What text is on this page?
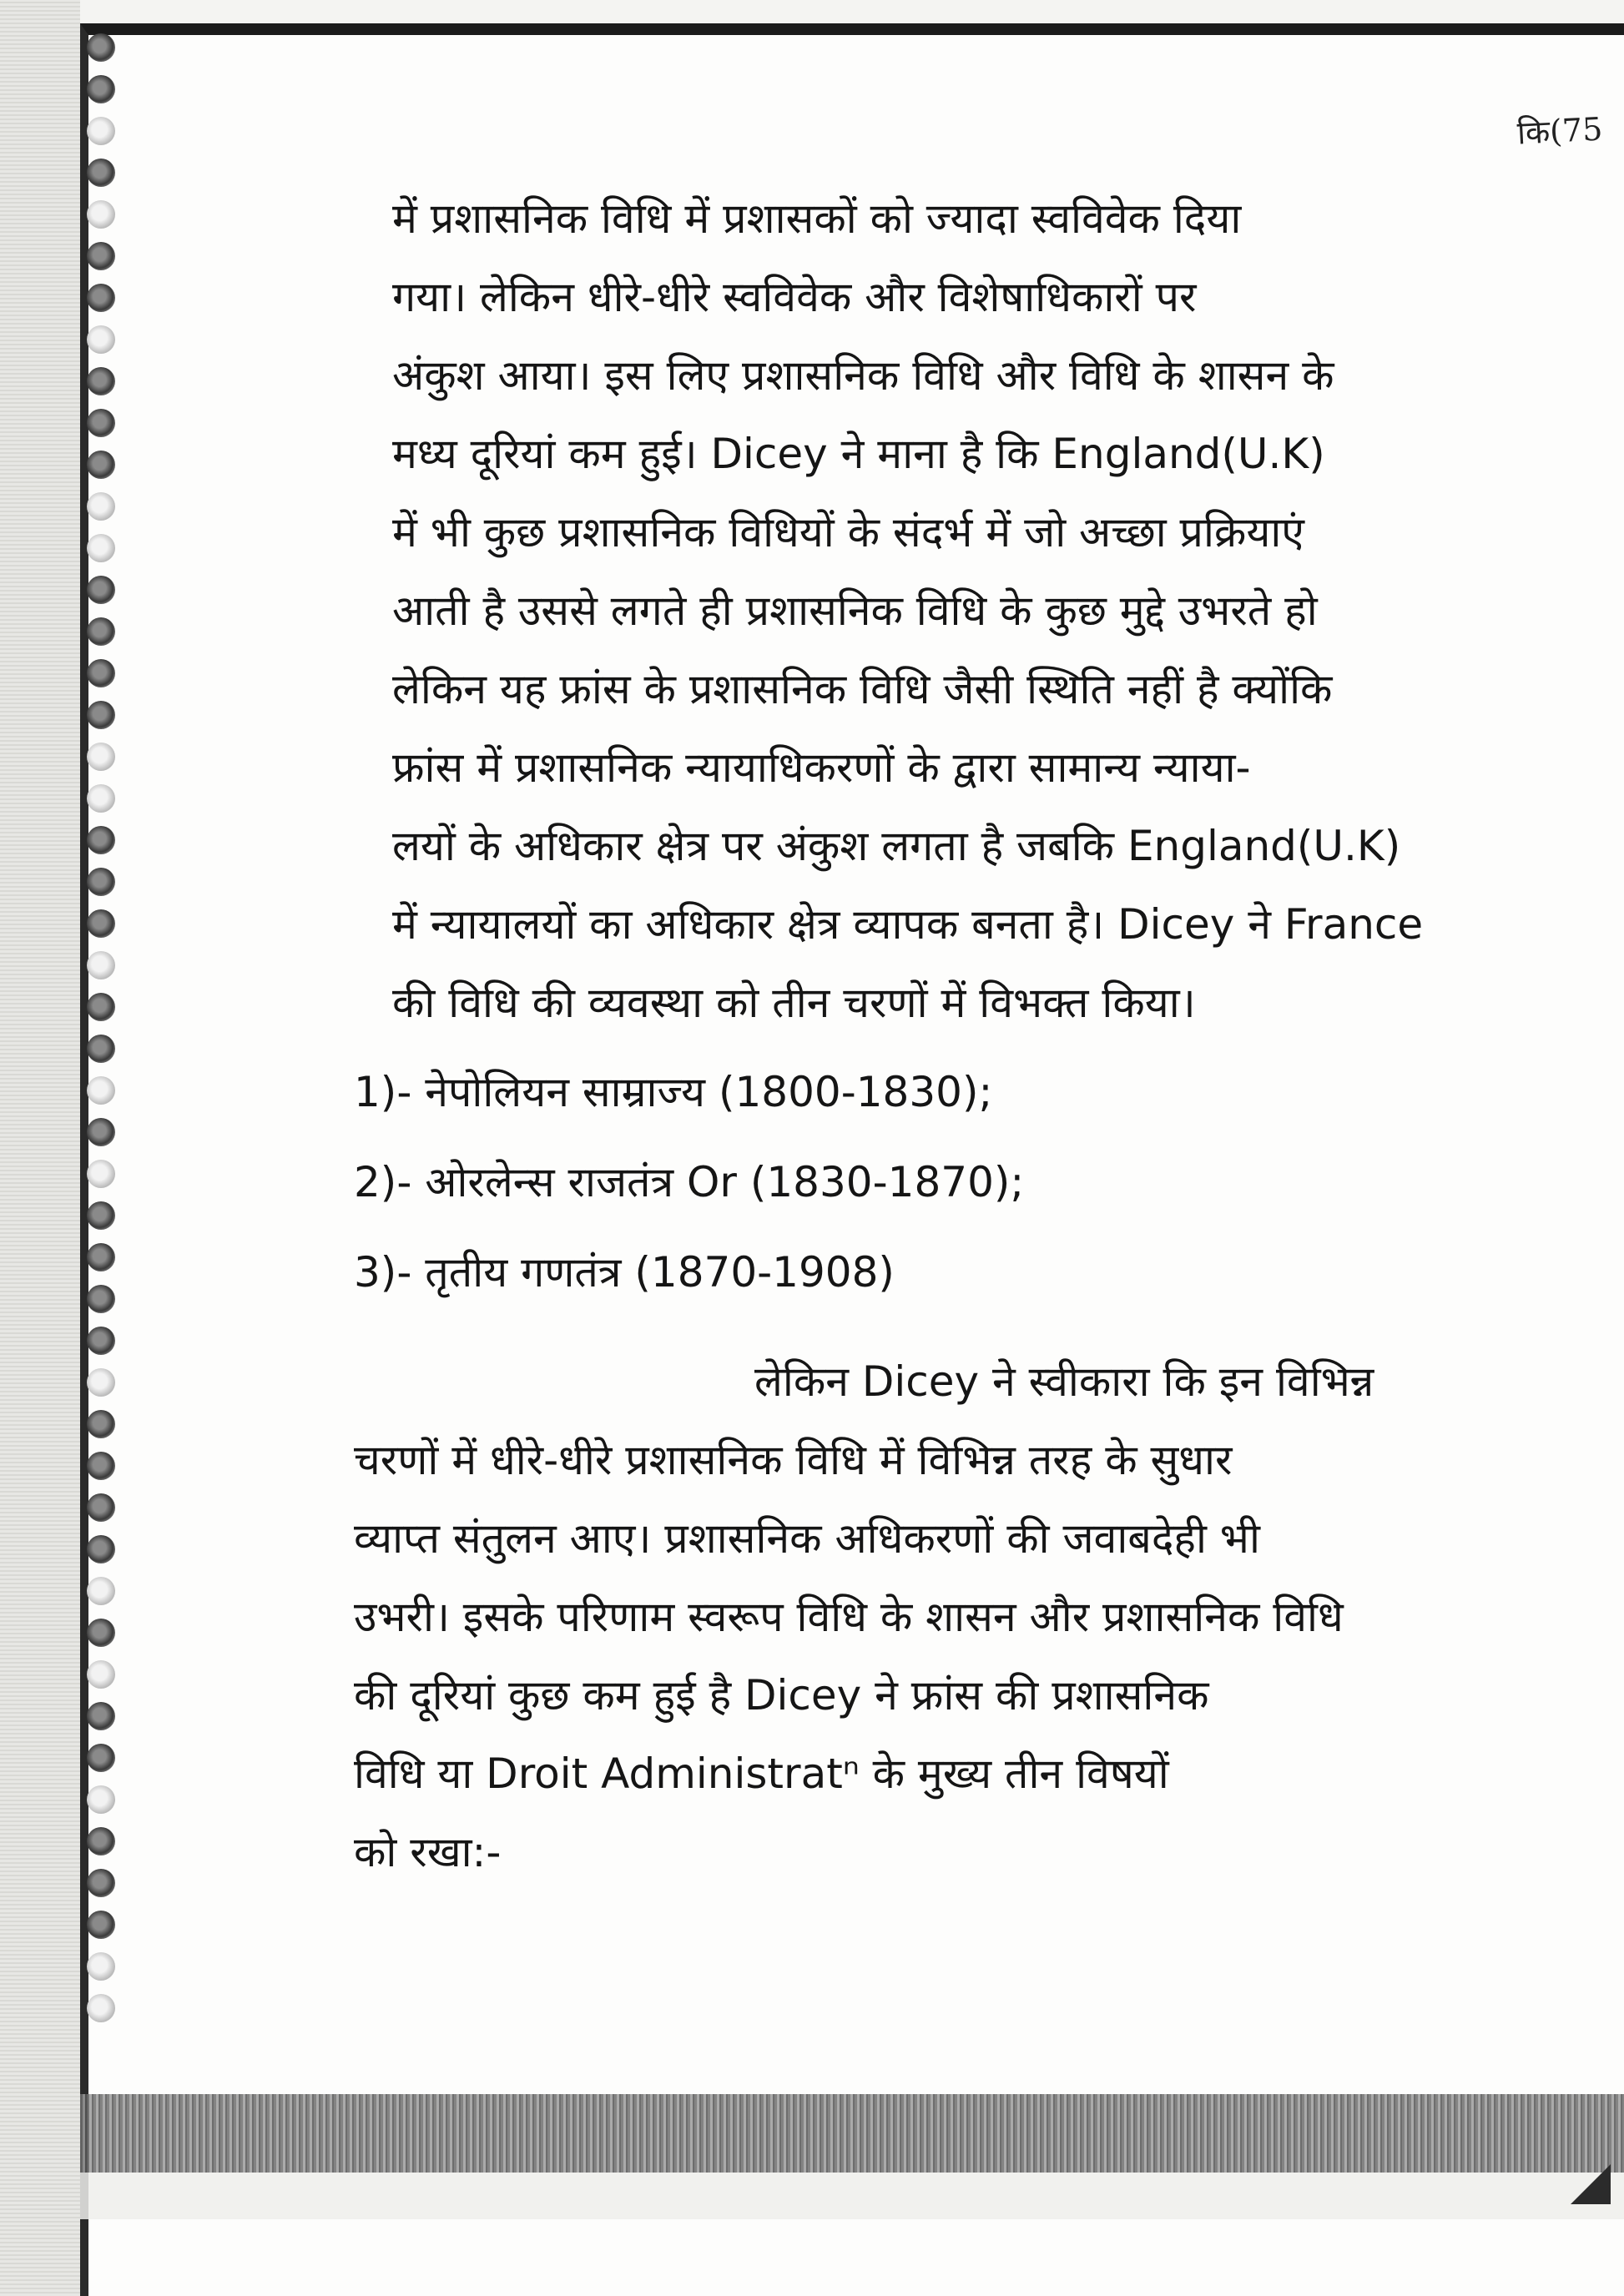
कि(75
में प्रशासनिक विधि में प्रशासकों को ज्यादा स्वविवेक दिया
गया। लेकिन धीरे-धीरे स्वविवेक और विशेषाधिकारों पर
अंकुश आया। इस लिए प्रशासनिक विधि और विधि के शासन के
मध्य दूरियां कम हुई। Dicey ने माना है कि England(U.K)
में भी कुछ प्रशासनिक विधियों के संदर्भ में जो अच्छा प्रक्रियाएं
आती है उससे लगते ही प्रशासनिक विधि के कुछ मुद्दे उभरते हो
लेकिन यह फ्रांस के प्रशासनिक विधि जैसी स्थिति नहीं है क्योंकि
फ्रांस में प्रशासनिक न्यायाधिकरणों के द्वारा सामान्य न्याया-
लयों के अधिकार क्षेत्र पर अंकुश लगता है जबकि England(U.K)
में न्यायालयों का अधिकार क्षेत्र व्यापक बनता है। Dicey ने France
की विधि की व्यवस्था को तीन चरणों में विभक्त किया।
1)- नेपोलियन साम्राज्य (1800-1830);
2)- ओरलेन्स राजतंत्र Or (1830-1870);
3)- तृतीय गणतंत्र (1870-1908)
लेकिन Dicey ने स्वीकारा कि इन विभिन्न
चरणों में धीरे-धीरे प्रशासनिक विधि में विभिन्न तरह के सुधार
व्याप्त संतुलन आए। प्रशासनिक अधिकरणों की जवाबदेही भी
उभरी। इसके परिणाम स्वरूप विधि के शासन और प्रशासनिक विधि
की दूरियां कुछ कम हुई है Dicey ने फ्रांस की प्रशासनिक
विधि या Droit Administratⁿ के मुख्य तीन विषयों
को रखा:-
